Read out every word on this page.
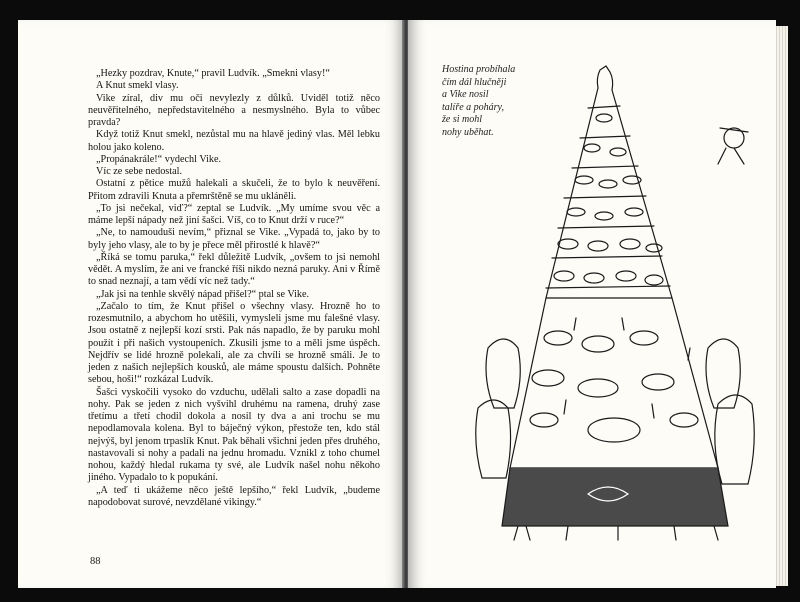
„Hezky pozdrav, Knute,“ pravil Ludvík. „Smekni vlasy!“

A Knut smekl vlasy.

Vike zíral, div mu oči nevylezly z důlků. Uviděl totiž něco neuvěřitelného, nepředstavitelného a nesmyslného. Byla to vůbec pravda?

Když totiž Knut smekl, nezůstal mu na hlavě jediný vlas. Měl lebku holou jako koleno.

„Propánakrále!“ vydechl Vike.

Víc ze sebe nedostal.

Ostatní z pětice mužů halekali a skučeli, že to bylo k neuvěření. Přitom zdravili Knuta a přemrštěně se mu ukláněli.

„To jsi nečekal, viď?“ zeptal se Ludvík. „My umíme svou věc a máme lepší nápady než jiní šašci. Víš, co to Knut drží v ruce?“

„Ne, to namouduši nevím,“ přiznal se Vike. „Vypadá to, jako by to byly jeho vlasy, ale to by je přece měl přirostlé k hlavě?“

„Říká se tomu paruka,“ řekl důležitě Ludvík, „ovšem to jsi nemohl vědět. A myslím, že ani ve francké říši nikdo nezná paruky. Ani v Římě to snad neznají, a tam vědí víc než tady.“

„Jak jsi na tenhle skvělý nápad přišel?“ ptal se Vike.

„Začalo to tím, že Knut přišel o všechny vlasy. Hrozně ho to rozesmutnilo, a abychom ho utěšili, vymysleli jsme mu falešné vlasy. Jsou ostatně z nejlepší kozí srsti. Pak nás napadlo, že by paruku mohl použít i při našich vystoupeních. Zkusili jsme to a měli jsme úspěch. Nejdřív se lidé hrozně polekali, ale za chvíli se hrozně smáli. Je to jeden z našich nejlepších kousků, ale máme spoustu dalších. Pohněte sebou, hoši!“ rozkázal Ludvík.

Šašci vyskočili vysoko do vzduchu, udělali salto a zase dopadli na nohy. Pak se jeden z nich vyšvihl druhému na ramena, druhý zase třetímu a třetí chodil dokola a nosil ty dva a ani trochu se mu nepodlamovala kolena. Byl to báječný výkon, přestože ten, kdo stál nejvýš, byl jenom trpaslík Knut. Pak běhali všichni jeden přes druhého, nastavovali si nohy a padali na jednu hromadu. Vznikl z toho chumel nohou, každý hledal rukama ty své, ale Ludvík našel nohu někoho jiného. Vypadalo to k popukání.

„A teď ti ukážeme něco ještě lepšího,“ řekl Ludvík, „budeme napodobovat surové, nevzdělané vikingy.“

88
Hostina probíhala
čím dál hlučněji
a Vike nosil
talíře a poháry,
že si mohl
nohy uběhat.
